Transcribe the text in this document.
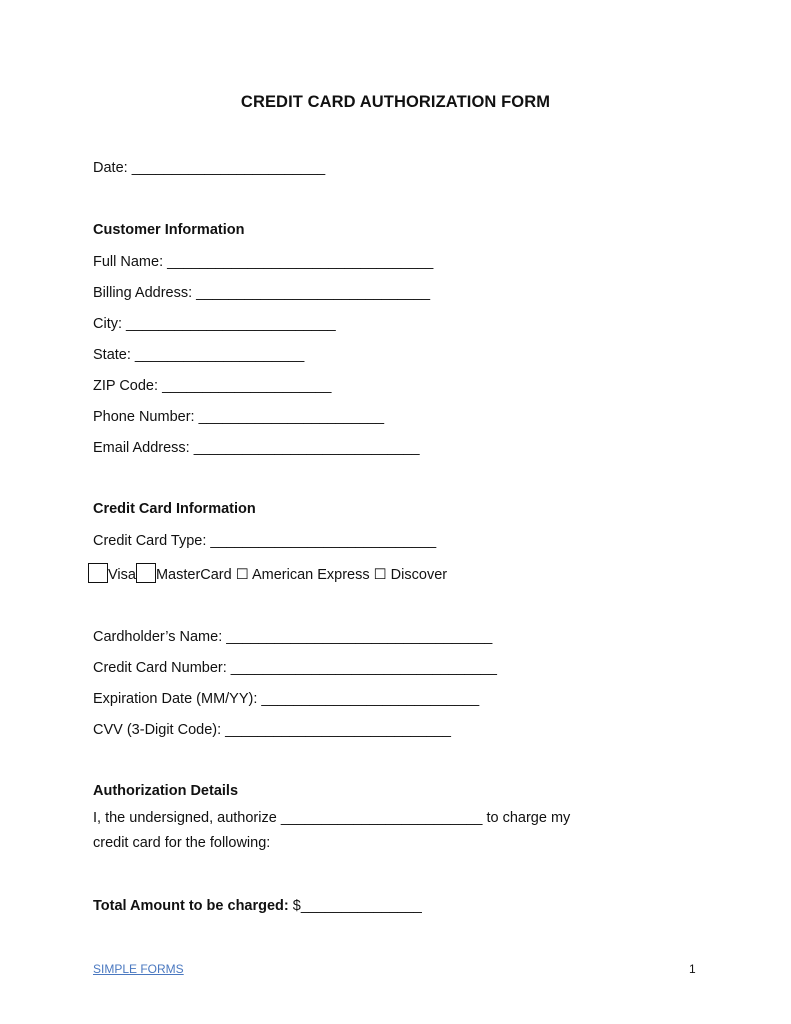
CREDIT CARD AUTHORIZATION FORM
Date: ________________________
Customer Information
Full Name: _________________________________
Billing Address: _____________________________
City: __________________________
State: _____________________
ZIP Code: _____________________
Phone Number: _______________________
Email Address: ____________________________
Credit Card Information
Credit Card Type: ____________________________
Visa MasterCard ☐ American Express ☐ Discover
Cardholder’s Name: _________________________________
Credit Card Number: _________________________________
Expiration Date (MM/YY): ___________________________
CVV (3-Digit Code): ____________________________
Authorization Details
I, the undersigned, authorize _________________________ to charge my
credit card for the following:
Total Amount to be charged: $_______________
SIMPLE FORMS	1
